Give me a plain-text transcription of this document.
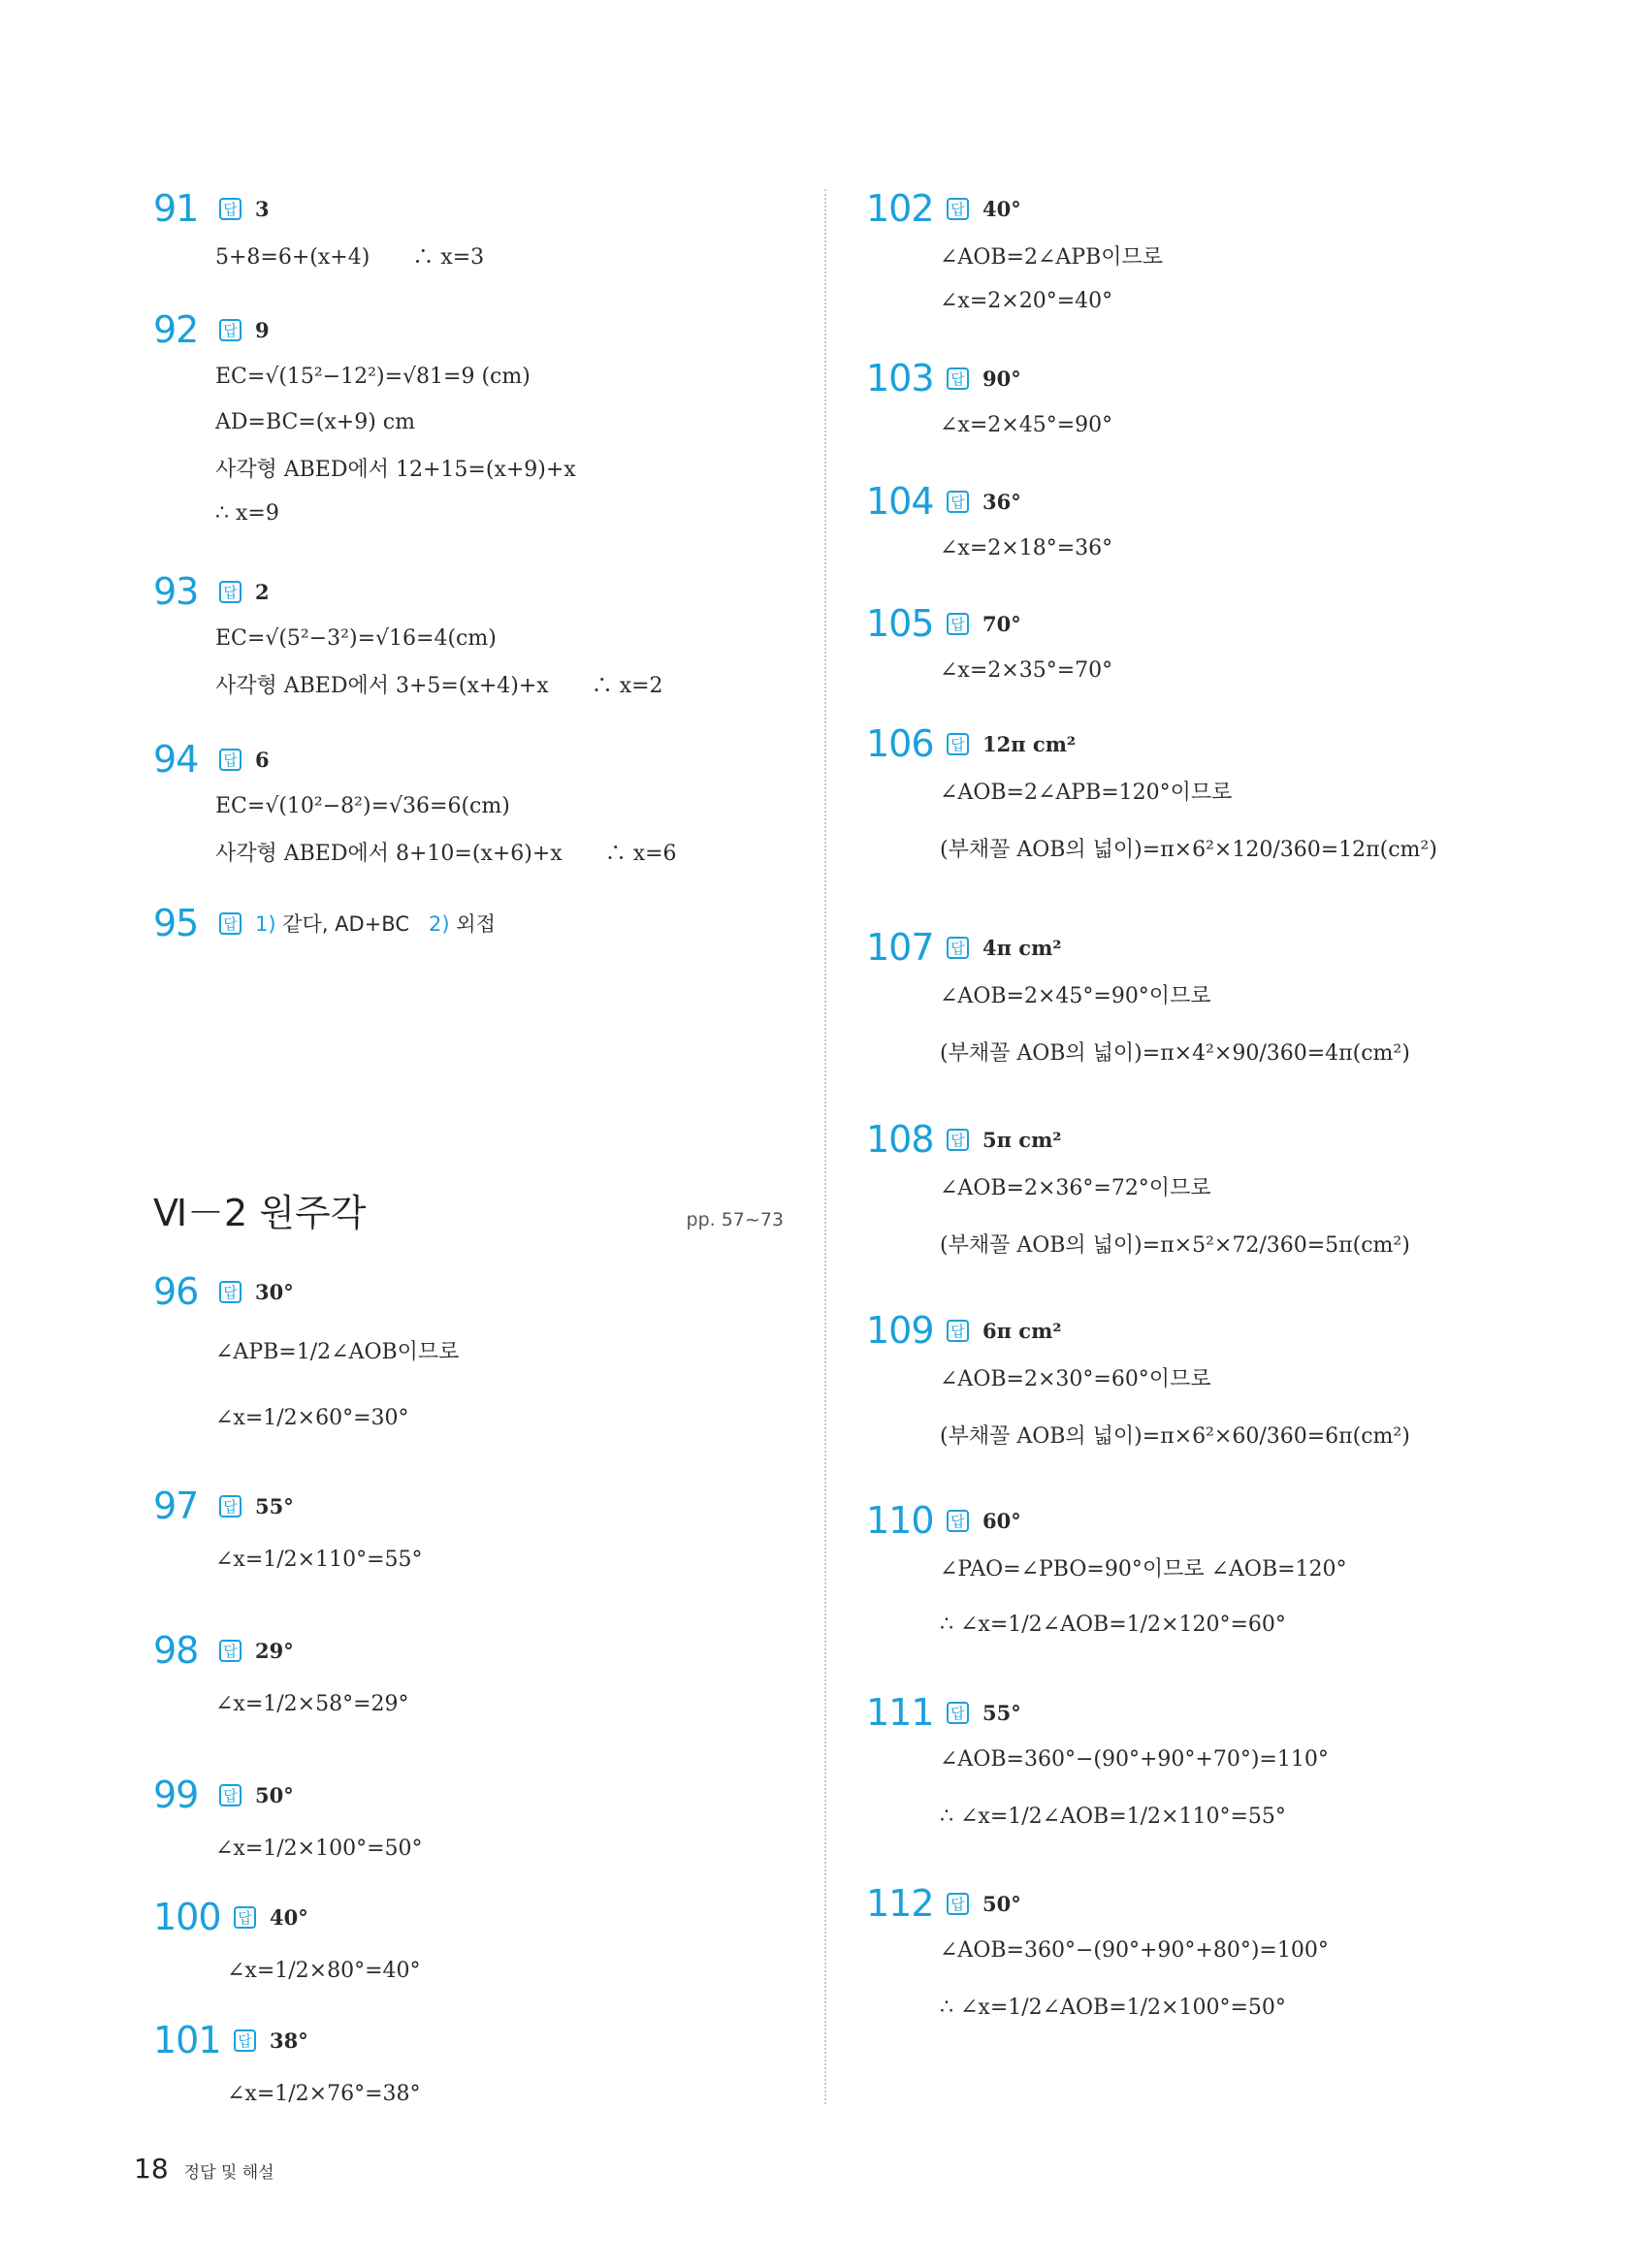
91	답 3
5+8=6+(x+4)　　∴ x=3
92	답 9
EC=√(15²−12²)=√81=9 (cm)
AD=BC=(x+9) cm
사각형 ABED에서 12+15=(x+9)+x
∴ x=9
93	답 2
EC=√(5²−3²)=√16=4(cm)
사각형 ABED에서 3+5=(x+4)+x　　∴ x=2
94	답 6
EC=√(10²−8²)=√36=6(cm)
사각형 ABED에서 8+10=(x+6)+x　　∴ x=6
95	답 1) 같다, AD+BC 2) 외접
Ⅵ－2 원주각	pp. 57~73
96	답 30°
∠APB=1/2∠AOB이므로
∠x=1/2×60°=30°
97	답 55°
∠x=1/2×110°=55°
98	답 29°
∠x=1/2×58°=29°
99	답 50°
∠x=1/2×100°=50°
100	답 40°
∠x=1/2×80°=40°
101	답 38°
∠x=1/2×76°=38°
102	답 40°
∠AOB=2∠APB이므로
∠x=2×20°=40°
103	답 90°
∠x=2×45°=90°
104	답 36°
∠x=2×18°=36°
105	답 70°
∠x=2×35°=70°
106	답 12π cm²
∠AOB=2∠APB=120°이므로
(부채꼴 AOB의 넓이)=π×6²×120/360=12π(cm²)
107	답 4π cm²
∠AOB=2×45°=90°이므로
(부채꼴 AOB의 넓이)=π×4²×90/360=4π(cm²)
108	답 5π cm²
∠AOB=2×36°=72°이므로
(부채꼴 AOB의 넓이)=π×5²×72/360=5π(cm²)
109	답 6π cm²
∠AOB=2×30°=60°이므로
(부채꼴 AOB의 넓이)=π×6²×60/360=6π(cm²)
110	답 60°
∠PAO=∠PBO=90°이므로 ∠AOB=120°
∴ ∠x=1/2∠AOB=1/2×120°=60°
111	답 55°
∠AOB=360°−(90°+90°+70°)=110°
∴ ∠x=1/2∠AOB=1/2×110°=55°
112	답 50°
∠AOB=360°−(90°+90°+80°)=100°
∴ ∠x=1/2∠AOB=1/2×100°=50°
18 정답 및 해설
